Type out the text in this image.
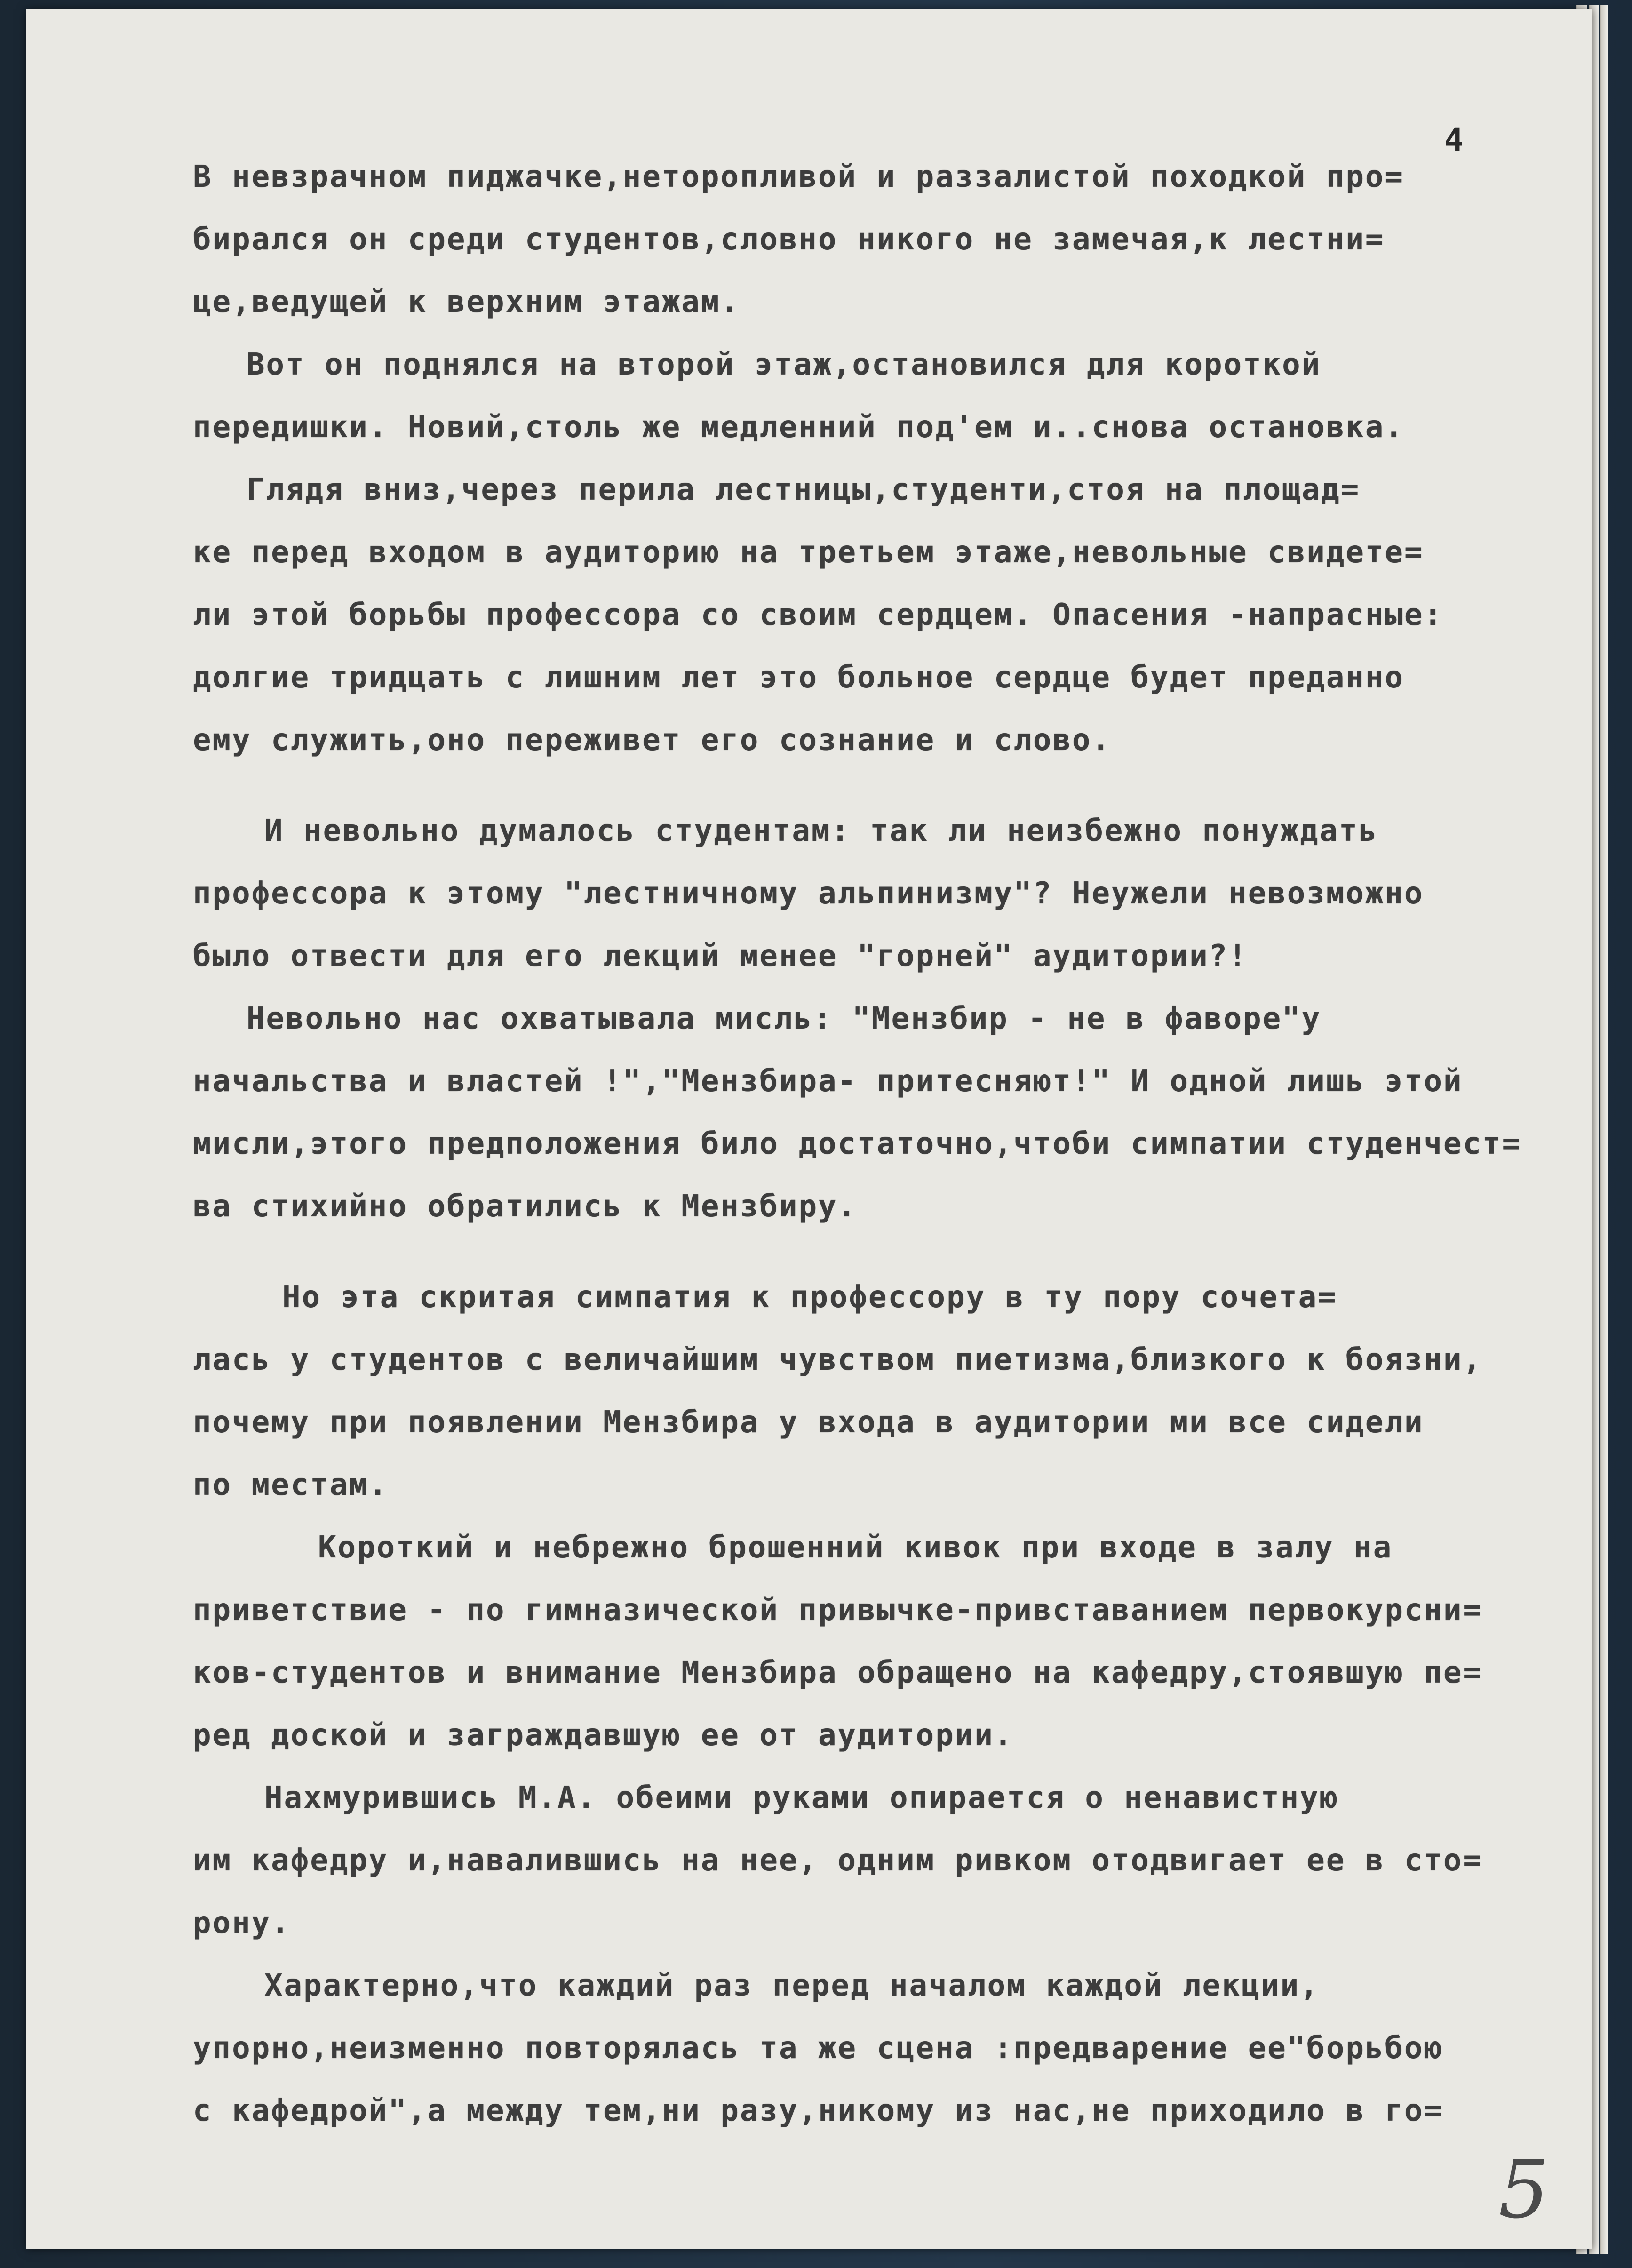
4
В невзрачном пиджачке,неторопливой и раззалистой походкой про=
бирался он среди студентов,словно никого не замечая,к лестни=
це,ведущей к верхним этажам.
Вот он поднялся на второй этаж,остановился для короткой
передишки. Новий,столь же медленний под'ем и..снова остановка.
Глядя вниз,через перила лестницы,студенти,стоя на площад=
ке перед входом в аудиторию на третьем этаже,невольные свидете=
ли этой борьбы профессора со своим сердцем. Опасения -напрасные:
долгие тридцать с лишним лет это больное сердце будет преданно
ему служить,оно переживет его сознание и слово.
И невольно думалось студентам: так ли неизбежно понуждать
профессора к этому "лестничному альпинизму"? Неужели невозможно
было отвести для его лекций менее "горней" аудитории?!
Невольно нас охватывала мисль: "Мензбир - не в фаворе"у
начальства и властей !","Мензбира- притесняют!" И одной лишь этой
мисли,этого предположения било достаточно,чтоби симпатии студенчест=
ва стихийно обратились к Мензбиру.
Но эта скритая симпатия к профессору в ту пору сочета=
лась у студентов с величайшим чувством пиетизма,близкого к боязни,
почему при появлении Мензбира у входа в аудитории ми все сидели
по местам.
Короткий и небрежно брошенний кивок при входе в залу на
приветствие - по гимназической привычке-привставанием первокурсни=
ков-студентов и внимание Мензбира обращено на кафедру,стоявшую пе=
ред доской и заграждавшую ее от аудитории.
Нахмурившись М.А. обеими руками опирается о ненавистную
им кафедру и,навалившись на нее, одним ривком отодвигает ее в сто=
рону.
Характерно,что каждий раз перед началом каждой лекции,
упорно,неизменно повторялась та же сцена :предварение ее"борьбою
с кафедрой",а между тем,ни разу,никому из нас,не приходило в го=
5
